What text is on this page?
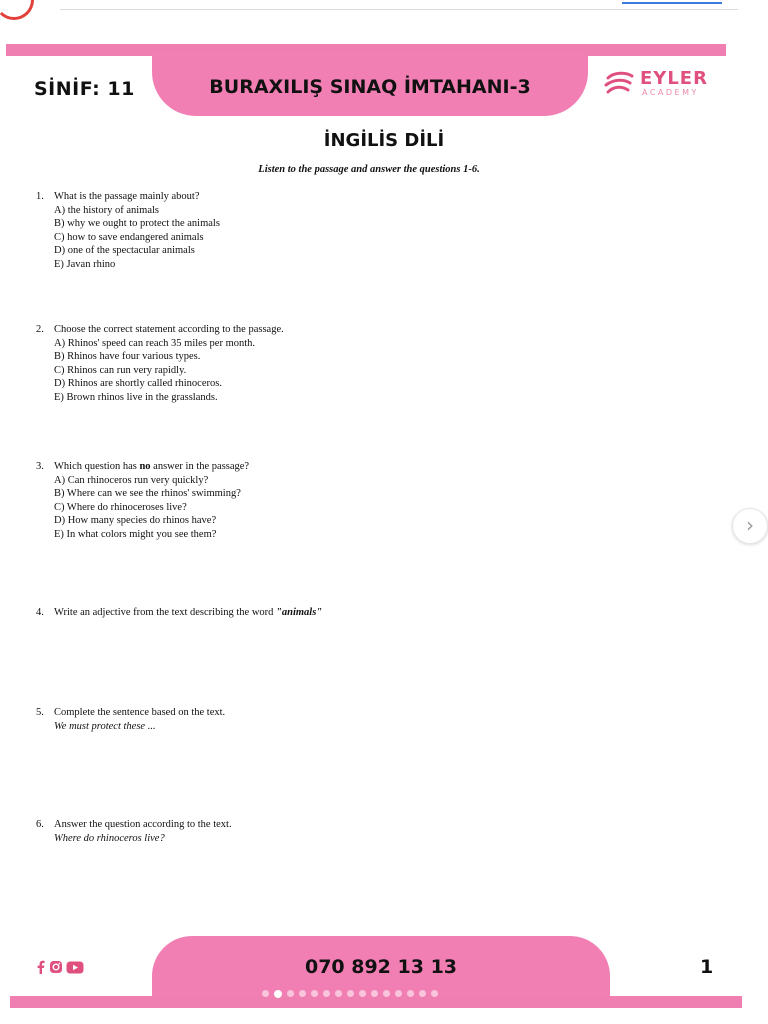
SİNİF: 11	BURAXILIŞ SINAQ İMTAHANI-3	EYLER
ACADEMY
İNGİLİS DİLİ
Listen to the passage and answer the questions 1-6.
1. What is the passage mainly about?
A) the history of animals
B) why we ought to protect the animals
C) how to save endangered animals
D) one of the spectacular animals
E) Javan rhino
2. Choose the correct statement according to the passage.
A) Rhinos' speed can reach 35 miles per month.
B) Rhinos have four various types.
C) Rhinos can run very rapidly.
D) Rhinos are shortly called rhinoceros.
E) Brown rhinos live in the grasslands.
3. Which question has no answer in the passage?
A) Can rhinoceros run very quickly?
B) Where can we see the rhinos' swimming?
C) Where do rhinoceroses live?
D) How many species do rhinos have?
E) In what colors might you see them?
4. Write an adjective from the text describing the word "animals"
5. Complete the sentence based on the text.
We must protect these ...
6. Answer the question according to the text.
Where do rhinoceros live?
›
070 892 13 13	1
